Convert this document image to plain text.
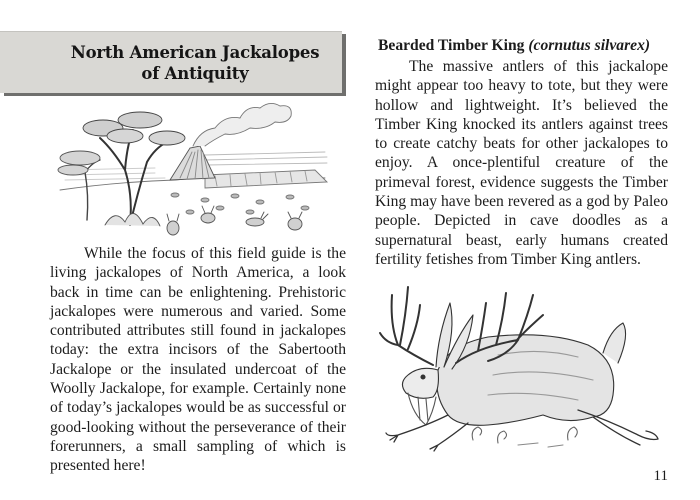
North American Jackalopes
of Antiquity

While the focus of this field guide is the living jackalopes of North America, a look back in time can be enlightening. Prehistoric jackalopes were numerous and varied. Some contributed attributes still found in jackalopes today: the extra incisors of the Sabertooth Jackalope or the insulated undercoat of the Woolly Jackalope, for example. Certainly none of today’s jackalopes would be as successful or good-looking without the perseverance of their forerunners, a small sampling of which is presented here!

Bearded Timber King (cornutus silvarex)

The massive antlers of this jackalope might appear too heavy to tote, but they were hollow and lightweight. It’s believed the Timber King knocked its antlers against trees to create catchy beats for other jackalopes to enjoy. A once-plentiful creature of the primeval forest, evidence suggests the Timber King may have been revered as a god by Paleo people. Depicted in cave doodles as a supernatural beast, early humans created fertility fetishes from Timber King antlers.

11
